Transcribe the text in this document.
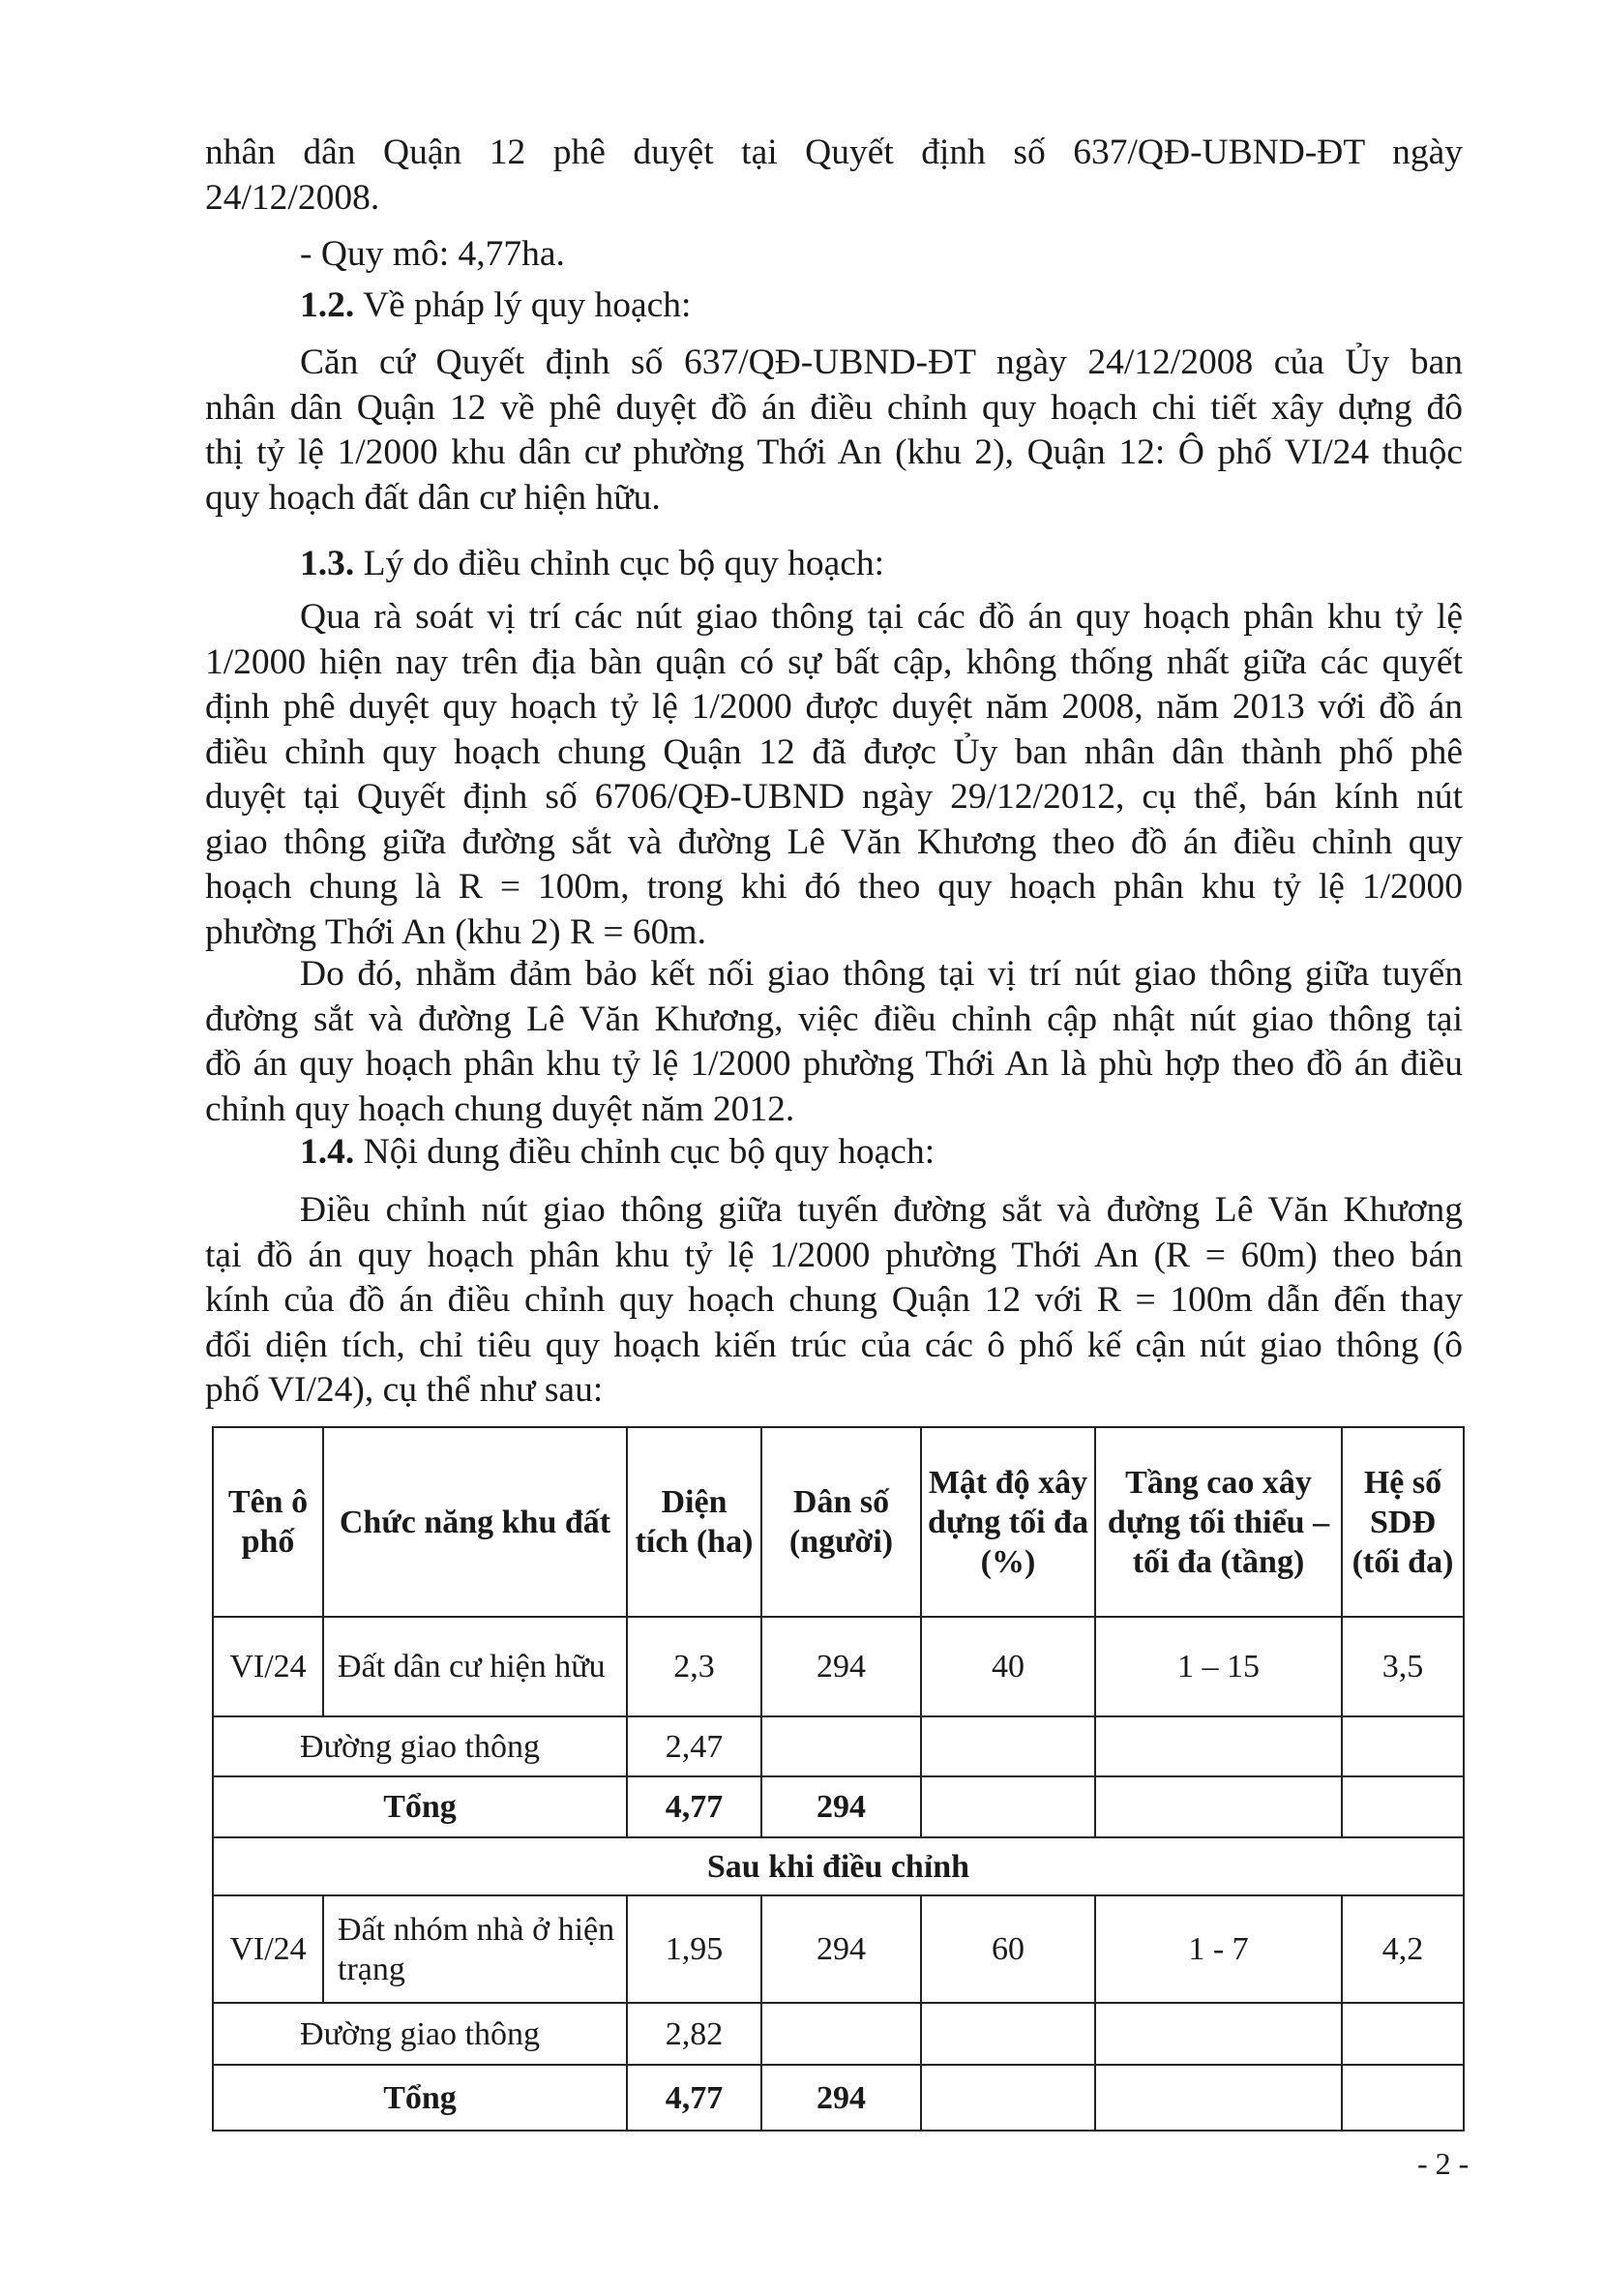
nhân dân Quận 12 phê duyệt tại Quyết định số 637/QĐ-UBND-ĐT ngày

24/12/2008.

- Quy mô: 4,77ha.

1.2. Về pháp lý quy hoạch:

Căn cứ Quyết định số 637/QĐ-UBND-ĐT ngày 24/12/2008 của Ủy ban

nhân dân Quận 12 về phê duyệt đồ án điều chỉnh quy hoạch chi tiết xây dựng đô

thị tỷ lệ 1/2000 khu dân cư phường Thới An (khu 2), Quận 12: Ô phố VI/24 thuộc

quy hoạch đất dân cư hiện hữu.

1.3. Lý do điều chỉnh cục bộ quy hoạch:

Qua rà soát vị trí các nút giao thông tại các đồ án quy hoạch phân khu tỷ lệ

1/2000 hiện nay trên địa bàn quận có sự bất cập, không thống nhất giữa các quyết

định phê duyệt quy hoạch tỷ lệ 1/2000 được duyệt năm 2008, năm 2013 với đồ án

điều chỉnh quy hoạch chung Quận 12 đã được Ủy ban nhân dân thành phố phê

duyệt tại Quyết định số 6706/QĐ-UBND ngày 29/12/2012, cụ thể, bán kính nút

giao thông giữa đường sắt và đường Lê Văn Khương theo đồ án điều chỉnh quy

hoạch chung là R = 100m, trong khi đó theo quy hoạch phân khu tỷ lệ 1/2000

phường Thới An (khu 2) R = 60m.

Do đó, nhằm đảm bảo kết nối giao thông tại vị trí nút giao thông giữa tuyến

đường sắt và đường Lê Văn Khương, việc điều chỉnh cập nhật nút giao thông tại

đồ án quy hoạch phân khu tỷ lệ 1/2000 phường Thới An là phù hợp theo đồ án điều

chỉnh quy hoạch chung duyệt năm 2012.

1.4. Nội dung điều chỉnh cục bộ quy hoạch:

Điều chỉnh nút giao thông giữa tuyến đường sắt và đường Lê Văn Khương

tại đồ án quy hoạch phân khu tỷ lệ 1/2000 phường Thới An (R = 60m) theo bán

kính của đồ án điều chỉnh quy hoạch chung Quận 12 với R = 100m dẫn đến thay

đổi diện tích, chỉ tiêu quy hoạch kiến trúc của các ô phố kế cận nút giao thông (ô

phố VI/24), cụ thể như sau:

Tên ô phố	Chức năng khu đất	Diện tích (ha)	Dân số (người)	Mật độ xây dựng tối đa (%)	Tầng cao xây dựng tối thiểu – tối đa (tầng)	Hệ số SDĐ (tối đa)
VI/24	Đất dân cư hiện hữu	2,3	294	40	1 – 15	3,5
Đường giao thông		2,47				
Tổng		4,77	294			
Sau khi điều chỉnh						
VI/24	Đất nhóm nhà ở hiện trạng	1,95	294	60	1 - 7	4,2
Đường giao thông		2,82				
Tổng		4,77	294			
- 2 -
